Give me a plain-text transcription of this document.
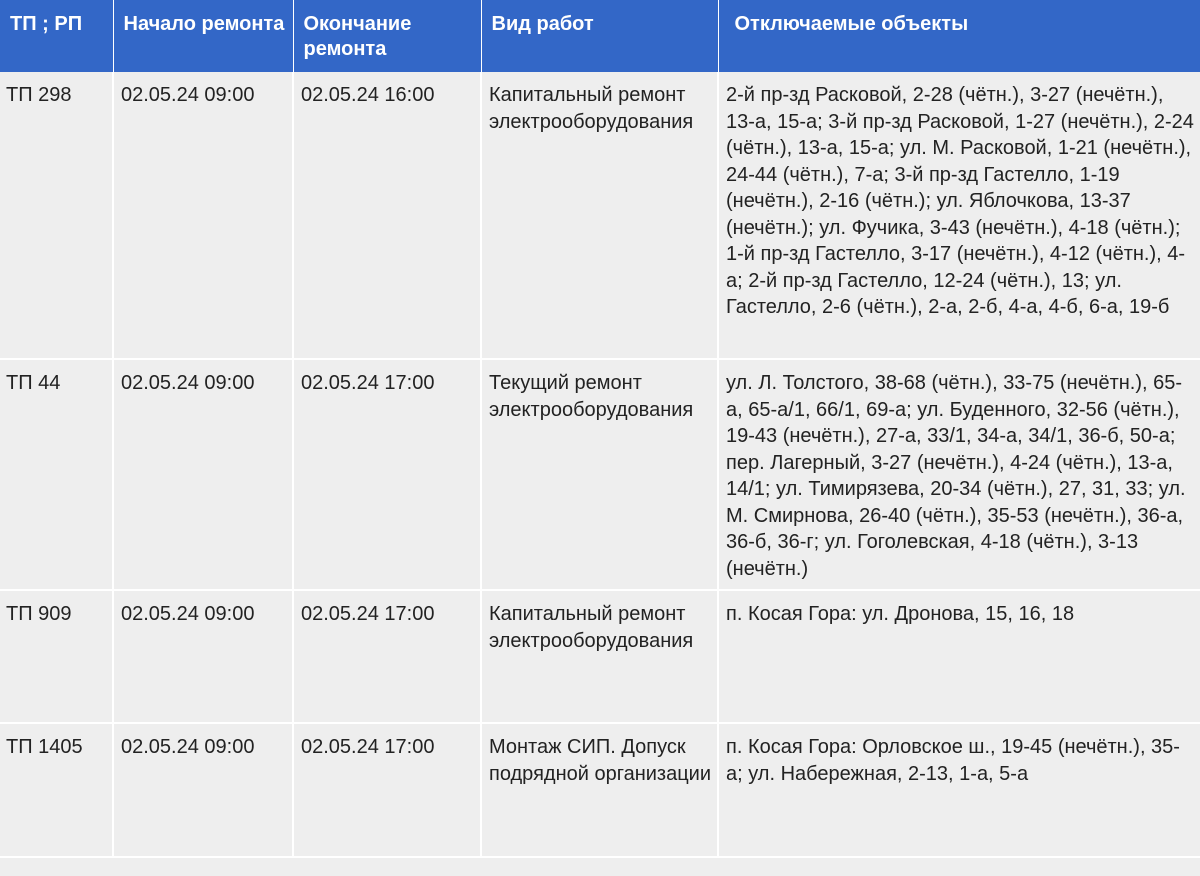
ТП ; РП	Начало ремонта	Окончание ремонта	Вид работ	Отключаемые объекты
ТП 298	02.05.24 09:00	02.05.24 16:00	Капитальный ремонт электрооборудования	2-й пр-зд Расковой, 2-28 (чётн.), 3-27 (нечётн.), 13-а, 15-а; 3-й пр-зд Расковой, 1-27 (нечётн.), 2-24 (чётн.), 13-а, 15-а; ул. М. Расковой, 1-21 (нечётн.), 24-44 (чётн.), 7-а; 3-й пр-зд Гастелло, 1-19 (нечётн.), 2-16 (чётн.); ул. Яблочкова, 13-37 (нечётн.); ул. Фучика, 3-43 (нечётн.), 4-18 (чётн.); 1-й пр-зд Гастелло, 3-17 (нечётн.), 4-12 (чётн.), 4-а; 2-й пр-зд Гастелло, 12-24 (чётн.), 13; ул. Гастелло, 2-6 (чётн.), 2-а, 2-б, 4-а, 4-б, 6-а, 19-б
ТП 44	02.05.24 09:00	02.05.24 17:00	Текущий ремонт электрооборудования	ул. Л. Толстого, 38-68 (чётн.), 33-75 (нечётн.), 65-а, 65-а/1, 66/1, 69-а; ул. Буденного, 32-56 (чётн.), 19-43 (нечётн.), 27-а, 33/1, 34-а, 34/1, 36-б, 50-а; пер. Лагерный, 3-27 (нечётн.), 4-24 (чётн.), 13-а, 14/1; ул. Тимирязева, 20-34 (чётн.), 27, 31, 33; ул. М. Смирнова, 26-40 (чётн.), 35-53 (нечётн.), 36-а, 36-б, 36-г; ул. Гоголевская, 4-18 (чётн.), 3-13 (нечётн.)
ТП 909	02.05.24 09:00	02.05.24 17:00	Капитальный ремонт электрооборудования	п. Косая Гора: ул. Дронова, 15, 16, 18
ТП 1405	02.05.24 09:00	02.05.24 17:00	Монтаж СИП. Допуск подрядной организации	п. Косая Гора: Орловское ш., 19-45 (нечётн.), 35-а; ул. Набережная, 2-13, 1-а, 5-а
